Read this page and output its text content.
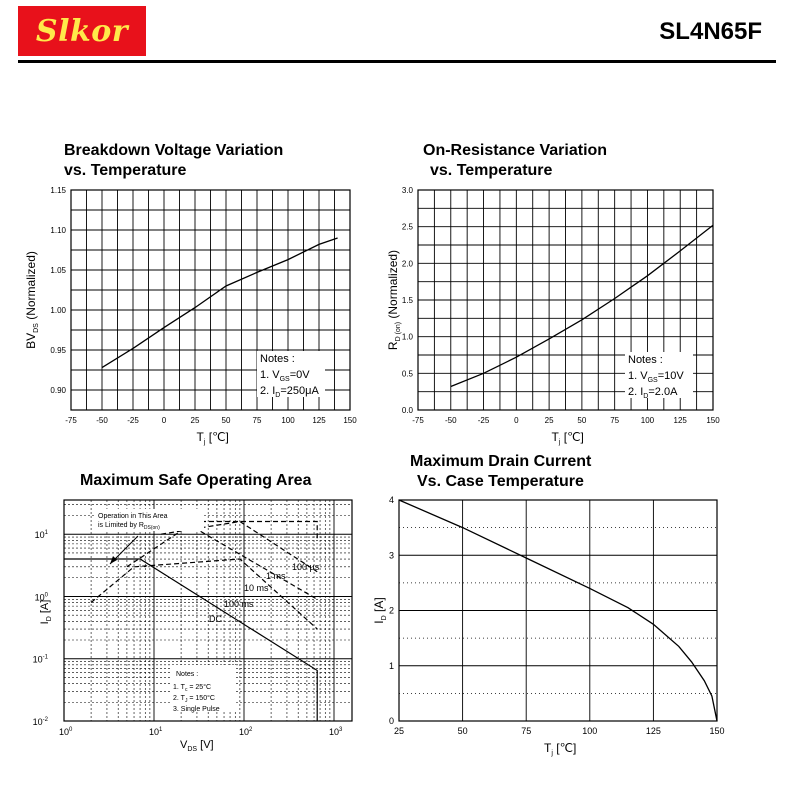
Slkor	SL4N65F
Breakdown Voltage Variation
vs. Temperature
On-Resistance Variation
vs. Temperature
Maximum Safe Operating Area
Maximum Drain Current
Vs. Case Temperature
-75 -50 -25	0	25	50	75 100 125 150
0.90
0.95
1.00
1.05
1.10
1.15
Notes :
1. $V_{GS}=0V$
2. $I_D=250\mu A$
$T_j$ [℃]
$BV_{DS}$ (Normalized)
-75	-50	-25	0	25	50	75	100 125 150
0.0
0.5
1.0
1.5
2.0
2.5
3.0
Notes :
1. $V_{GS}=10V$
2. $I_D=2.0A$
$T_j$ [℃]
$R_{D (on)}$ (Normalized)
25	50	75	100	125	150
0
1
2
3
4
$T_j$ [℃]
$I_D$ [A]
$10^0$	$10^1$	$10^2$	$10^3$
$10^{-2}$
$10^{-1}$
$10^0$
$10^1$
100 μs
1 ms
10 ms
100 ms
DC
Operation in This Area
is Limited by $R_{DS(on)}$
Notes :
1. $T_c = 25^\circ C$
2. $T_J = 150^\circ C$
3. Single Pulse
$V_{DS}$ [V]
$I_D$ [A]
